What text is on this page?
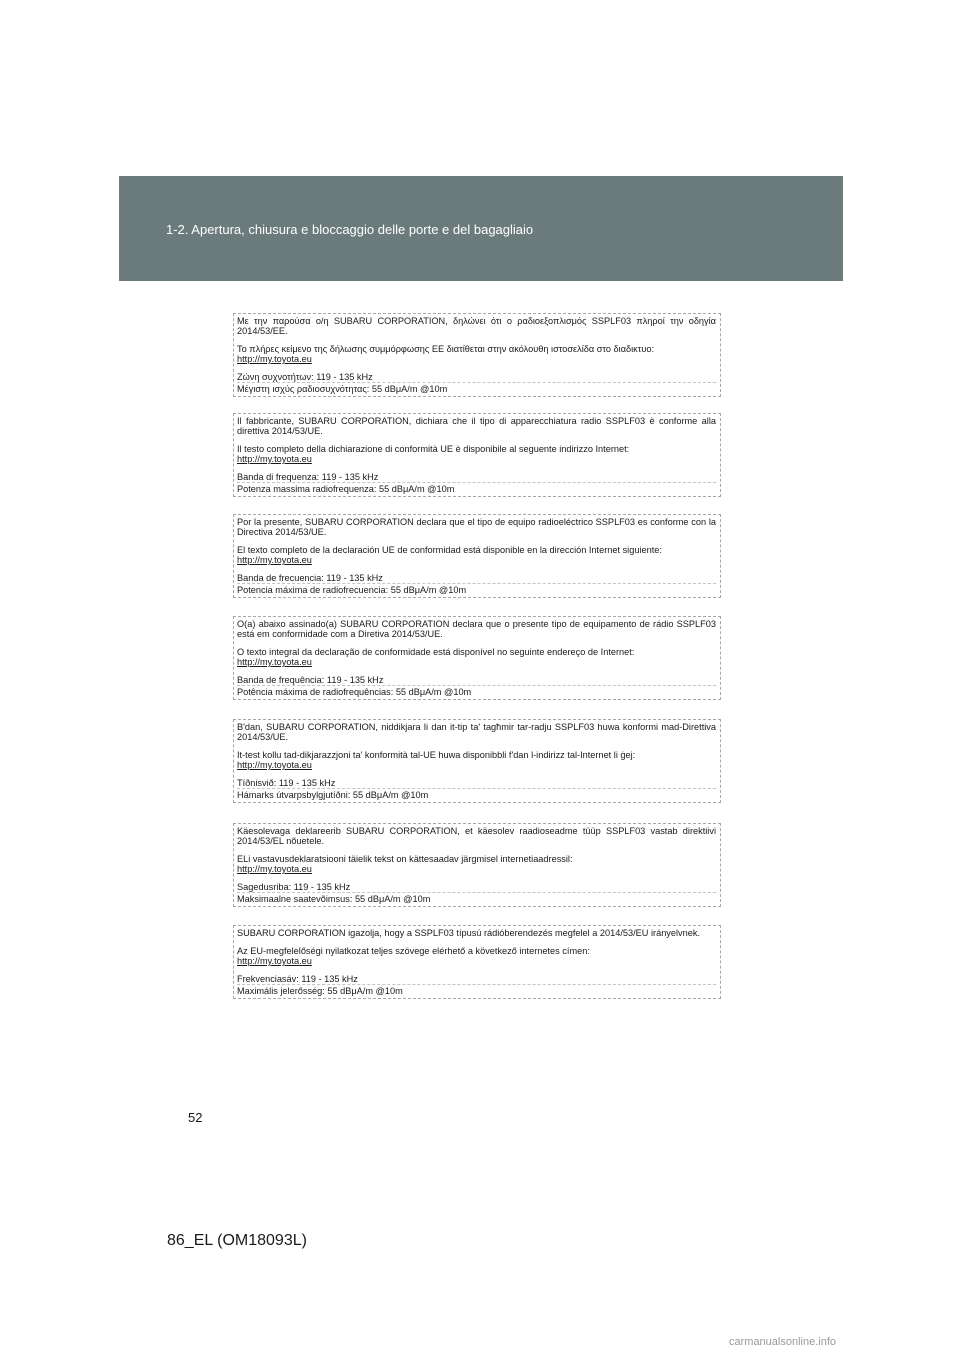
1-2. Apertura, chiusura e bloccaggio delle porte e del bagagliaio

Με την παρούσα ο/η SUBARU CORPORATION, δηλώνει ότι ο ραδιοεξοπλισμός SSPLF03 πληροί την οδηγία 2014/53/ΕΕ.

Το πλήρες κείμενο της δήλωσης συμμόρφωσης ΕΕ διατίθεται στην ακόλουθη ιστοσελίδα στο διαδικτυο:

http://my.toyota.eu

Ζώνη συχνοτήτων: 119 - 135 kHz

Μέγιστη ισχύς ραδιοσυχνότητας: 55 dBμA/m @10m

Il fabbricante, SUBARU CORPORATION, dichiara che il tipo di apparecchiatura radio SSPLF03 è conforme alla direttiva 2014/53/UE.

Il testo completo della dichiarazione di conformità UE è disponibile al seguente indirizzo Internet:

http://my.toyota.eu

Banda di frequenza: 119 - 135 kHz

Potenza massima radiofrequenza: 55 dBμA/m @10m

Por la presente, SUBARU CORPORATION declara que el tipo de equipo radioeléctrico SSPLF03 es conforme con la Directiva 2014/53/UE.

El texto completo de la declaración UE de conformidad está disponible en la dirección Internet siguiente:

http://my.toyota.eu

Banda de frecuencia: 119 - 135 kHz

Potencia máxima de radiofrecuencia: 55 dBμA/m @10m

O(a) abaixo assinado(a) SUBARU CORPORATION declara que o presente tipo de equipamento de rádio SSPLF03 está em conformidade com a Diretiva 2014/53/UE.

O texto integral da declaração de conformidade está disponível no seguinte endereço de Internet:

http://my.toyota.eu

Banda de frequência: 119 - 135 kHz

Potência máxima de radiofrequências: 55 dBμA/m @10m

B'dan, SUBARU CORPORATION, niddikjara li dan it-tip ta' tagħmir tar-radju SSPLF03 huwa konformi mad-Direttiva 2014/53/UE.

It-test kollu tad-dikjarazzjoni ta' konformità tal-UE huwa disponibbli f'dan l-indirizz tal-Internet li ġej:

http://my.toyota.eu

Tíðnisvið: 119 - 135 kHz

Hámarks útvarpsbylgjutíðni: 55 dBμA/m @10m

Käesolevaga deklareerib SUBARU CORPORATION, et käesolev raadioseadme tüüp SSPLF03 vastab direktiivi 2014/53/EL nõuetele.

ELi vastavusdeklaratsiooni täielik tekst on kättesaadav järgmisel internetiaadressil:

http://my.toyota.eu

Sagedusriba: 119 - 135 kHz

Maksimaalne saatevõimsus: 55 dBμA/m @10m

SUBARU CORPORATION igazolja, hogy a SSPLF03 típusú rádióberendezés megfelel a 2014/53/EU irányelvnek.

Az EU-megfelelőségi nyilatkozat teljes szövege elérhető a következő internetes címen:

http://my.toyota.eu

Frekvenciasáv: 119 - 135 kHz

Maximális jelerősség: 55 dBμA/m @10m

52
86_EL (OM18093L)
carmanualsonline.info
